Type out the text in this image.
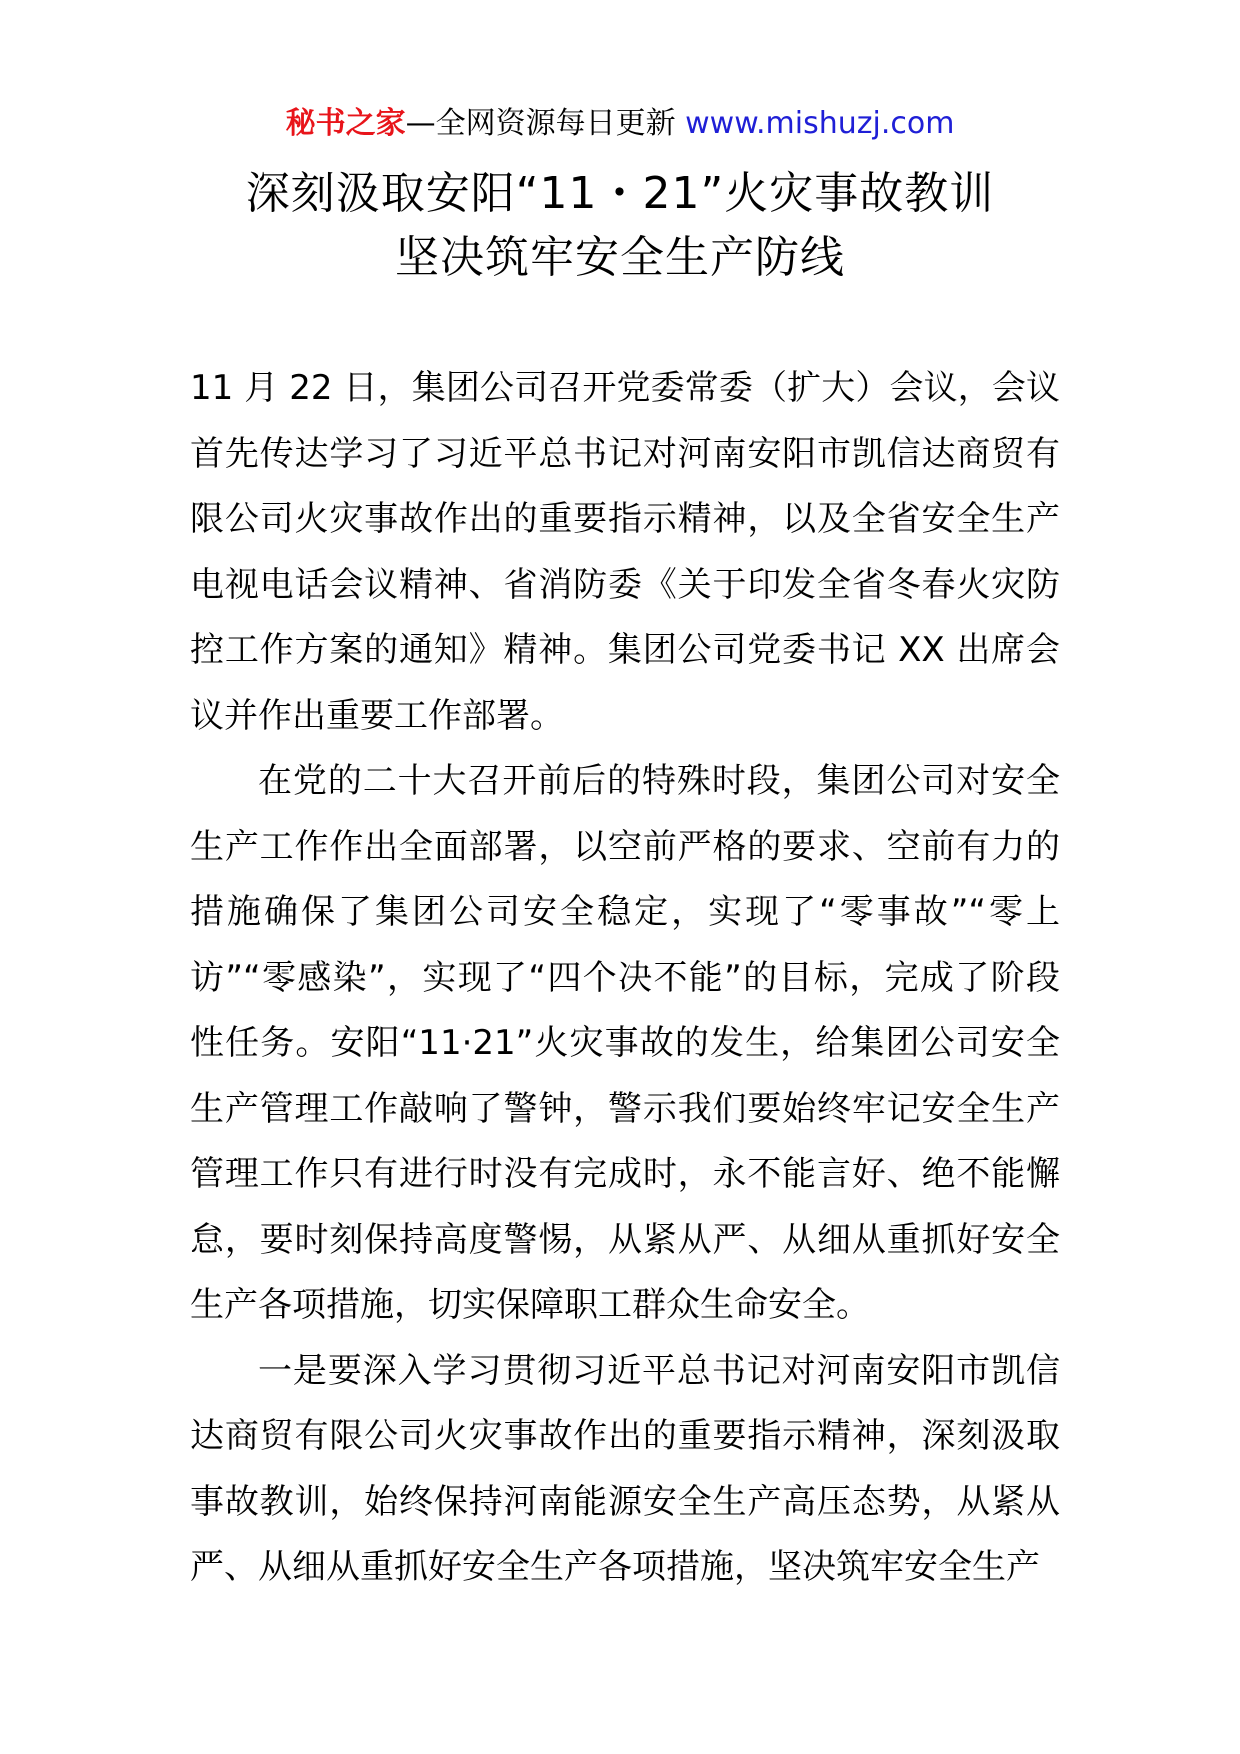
秘书之家—全网资源每日更新 www.mishuzj.com
深刻汲取安阳“11・21”火灾事故教训
坚决筑牢安全生产防线

11 月 22 日，集团公司召开党委常委（扩大）会议，会议首先传达学习了习近平总书记对河南安阳市凯信达商贸有限公司火灾事故作出的重要指示精神，以及全省安全生产电视电话会议精神、省消防委《关于印发全省冬春火灾防控工作方案的通知》精神。集团公司党委书记 XX 出席会议并作出重要工作部署。

在党的二十大召开前后的特殊时段，集团公司对安全生产工作作出全面部署，以空前严格的要求、空前有力的措施确保了集团公司安全稳定，实现了“零事故”“零上访”“零感染”，实现了“四个决不能”的目标，完成了阶段性任务。安阳“11·21”火灾事故的发生，给集团公司安全生产管理工作敲响了警钟，警示我们要始终牢记安全生产管理工作只有进行时没有完成时，永不能言好、绝不能懈怠，要时刻保持高度警惕，从紧从严、从细从重抓好安全生产各项措施，切实保障职工群众生命安全。

一是要深入学习贯彻习近平总书记对河南安阳市凯信达商贸有限公司火灾事故作出的重要指示精神，深刻汲取事故教训，始终保持河南能源安全生产高压态势，从紧从严、从细从重抓好安全生产各项措施，坚决筑牢安全生产
